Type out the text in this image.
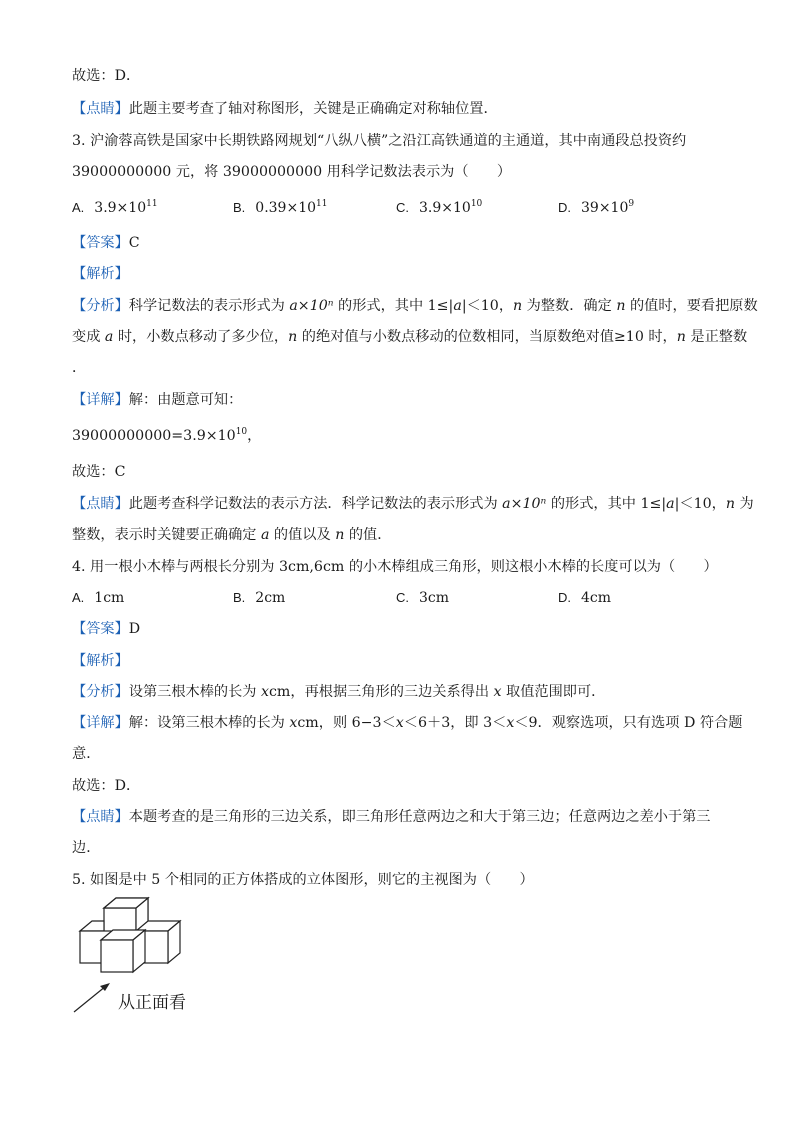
故选：D．
【点睛】此题主要考查了轴对称图形，关键是正确确定对称轴位置．
3. 沪渝蓉高铁是国家中长期铁路网规划“八纵八横”之沿江高铁通道的主通道，其中南通段总投资约
39000000000 元，将 39000000000 用科学记数法表示为（　　）
A. $3.9\times 10^{11}$	B. $0.39\times 10^{11}$	C. $3.9\times 10^{10}$	D. $39\times 10^9$
【答案】C
【解析】
【分析】科学记数法的表示形式为 a×10ⁿ 的形式，其中 1≤|a|＜10，n 为整数．确定 n 的值时，要看把原数
变成 a 时，小数点移动了多少位，n 的绝对值与小数点移动的位数相同，当原数绝对值≥10 时，n 是正整数
．
【详解】解：由题意可知：
$39000000000=3.9\times 10^{10}$，
故选：C
【点睛】此题考查科学记数法的表示方法．科学记数法的表示形式为 a×10ⁿ 的形式，其中 1≤|a|＜10，n 为
整数，表示时关键要正确确定 a 的值以及 n 的值．
4. 用一根小木棒与两根长分别为 3cm,6cm 的小木棒组成三角形，则这根小木棒的长度可以为（　　）
A. 1cm	B. 2cm	C. 3cm	D. 4cm
【答案】D
【解析】
【分析】设第三根木棒的长为 xcm，再根据三角形的三边关系得出 x 取值范围即可．
【详解】解：设第三根木棒的长为 xcm，则 6−3＜x＜6＋3，即 3＜x＜9．观察选项，只有选项 D 符合题
意．
故选：D．
【点睛】本题考查的是三角形的三边关系，即三角形任意两边之和大于第三边；任意两边之差小于第三
边．
5. 如图是中 5 个相同的正方体搭成的立体图形，则它的主视图为（　　）
从正面看
